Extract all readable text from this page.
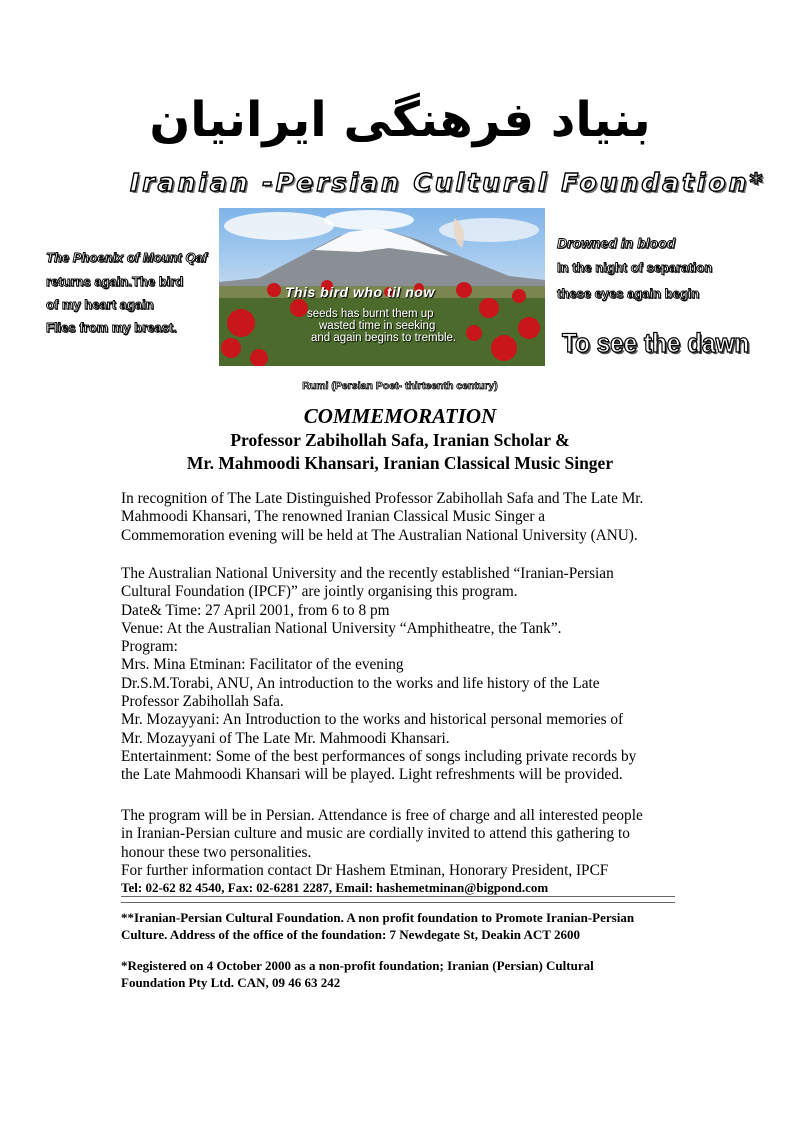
بنیاد فرهنگی ایرانیان
Iranian -Persian Cultural Foundation*
The Phoenix of Mount Qaf
returns again.The bird
of my heart again
Flies from my breast.
Drowned in blood
In the night of separation
these eyes again begin
To see the dawn
This bird who til now
seeds has burnt them up
wasted time in seeking
and again begins to tremble.
Rumi (Persian Poet- thirteenth century)
COMMEMORATION
Professor Zabihollah Safa, Iranian Scholar &
Mr. Mahmoodi Khansari, Iranian Classical Music Singer
In recognition of The Late Distinguished Professor Zabihollah Safa and The Late Mr.
Mahmoodi Khansari, The renowned Iranian Classical Music Singer a
Commemoration evening will be held at The Australian National University (ANU).
The Australian National University and the recently established “Iranian-Persian
Cultural Foundation (IPCF)” are jointly organising this program.
Date& Time: 27 April 2001, from 6 to 8 pm
Venue: At the Australian National University “Amphitheatre, the Tank”.
Program:
Mrs. Mina Etminan: Facilitator of the evening
Dr.S.M.Torabi, ANU, An introduction to the works and life history of the Late
Professor Zabihollah Safa.
Mr. Mozayyani: An Introduction to the works and historical personal memories of
Mr. Mozayyani of The Late Mr. Mahmoodi Khansari.
Entertainment: Some of the best performances of songs including private records by
the Late Mahmoodi Khansari will be played. Light refreshments will be provided.
The program will be in Persian. Attendance is free of charge and all interested people
in Iranian-Persian culture and music are cordially invited to attend this gathering to
honour these two personalities.
For further information contact Dr Hashem Etminan, Honorary President, IPCF
Tel: 02-62 82 4540, Fax: 02-6281 2287, Email: hashemetminan@bigpond.com
**Iranian-Persian Cultural Foundation. A non profit foundation to Promote Iranian-Persian
Culture. Address of the office of the foundation: 7 Newdegate St, Deakin ACT 2600
*Registered on 4 October 2000 as a non-profit foundation; Iranian (Persian) Cultural
Foundation Pty Ltd. CAN, 09 46 63 242
